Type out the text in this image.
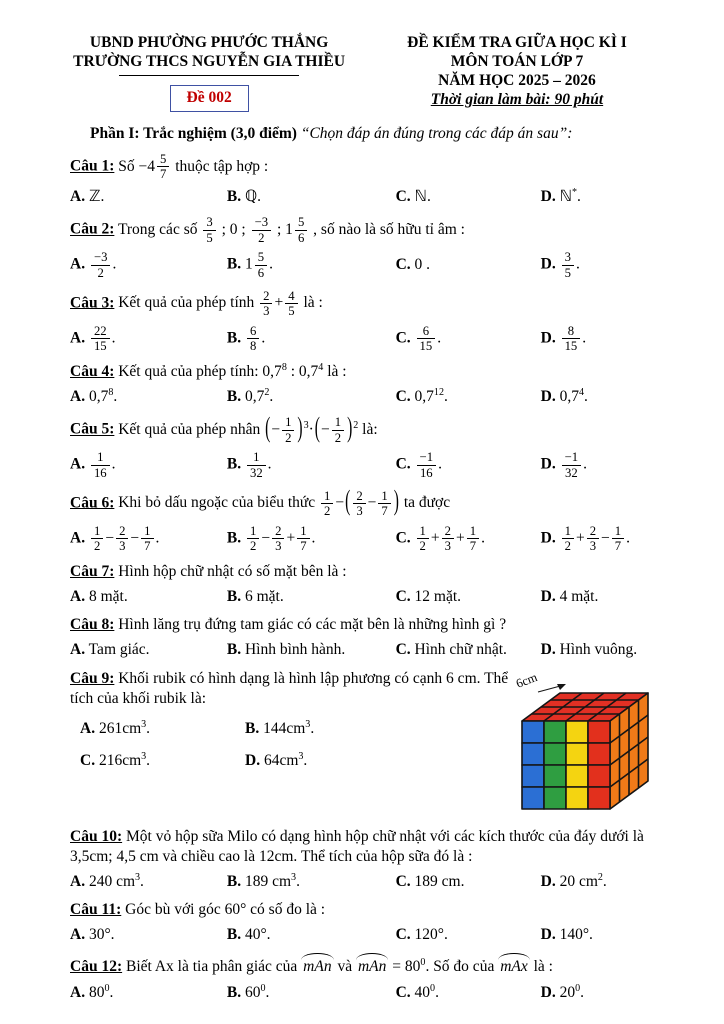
UBND PHƯỜNG PHƯỚC THẮNG
TRƯỜNG THCS NGUYỄN GIA THIỀU
Đề 002
ĐỀ KIỂM TRA GIỮA HỌC KÌ I
MÔN TOÁN LỚP 7
NĂM HỌC 2025 – 2026
Thời gian làm bài: 90 phút
Phần I: Trắc nghiệm (3,0 điểm) “Chọn đáp án đúng trong các đáp án sau”:
Câu 1: Số $-4 \frac{5}{7}$ thuộc tập hợp :
A. ℤ.	B. ℚ.	C. ℕ.	D. ℕ*.
Câu 2: Trong các số $\frac{3}{5}$ ; 0 ; $\frac{-3}{2}$ ; $1 \frac{5}{6}$ , số nào là số hữu tỉ âm :
A. $\frac{-3}{2}$ .	B. $1 \frac{5}{6}$ .	C. 0 .	D. $\frac{3}{5}$ .
Câu 3: Kết quả của phép tính $\frac{2}{3} + \frac{4}{5}$ là :
A. $\frac{22}{15}$ .	B. $\frac{6}{8}$ .	C. $\frac{6}{15}$ .	D. $\frac{8}{15}$ .
Câu 4: Kết quả của phép tính: $0,7^8$ : $0,7^4$ là :
A. $0,7^8$.	B. $0,7^2$.	C. $0,7^{12}$.	D. $0,7^4$.
Câu 5: Kết quả của phép nhân (− $\frac{1}{2} )^3\cdot(- \frac{1}{2} )^2$ là:
A. $\frac{1}{16}$ .	B. $\frac{1}{32}$ .	C. $\frac{-1}{16}$ .	D. $\frac{-1}{32}$ .
Câu 6: Khi bỏ dấu ngoặc của biểu thức $\frac{1}{2}$ −( $\frac{2}{3} - \frac{1}{7}$ ) ta được
A. $\frac{1}{2} - \frac{2}{3} - \frac{1}{7}$ .	B. $\frac{1}{2} - \frac{2}{3} + \frac{1}{7}$ .	C. $\frac{1}{2} + \frac{2}{3} + \frac{1}{7}$ .	D. $\frac{1}{2} + \frac{2}{3} - \frac{1}{7}$ .
Câu 7: Hình hộp chữ nhật có số mặt bên là :
A. 8 mặt.	B. 6 mặt.	C. 12 mặt.	D. 4 mặt.
Câu 8: Hình lăng trụ đứng tam giác có các mặt bên là những hình gì ?
A. Tam giác.	B. Hình bình hành.	C. Hình chữ nhật.	D. Hình vuông.
Câu 9: Khối rubik có hình dạng là hình lập phương có cạnh 6 cm. Thể tích của khối rubik là:
A. $261cm^3$.	B. $144cm^3$.
C. $216cm^3$.	D. $64cm^3$.
6cm
Câu 10: Một vỏ hộp sữa Milo có dạng hình hộp chữ nhật với các kích thước của đáy dưới là 3,5cm; 4,5 cm và chiều cao là 12cm. Thể tích của hộp sữa đó là :
A. 240 $cm^3$.	B. 189 $cm^3$.	C. 189 cm.	D. 20 $cm^2$.
Câu 11: Góc bù với góc 60° có số đo là :
A. 30°.	B. 40°.	C. 120°.	D. 140°.
Câu 12: Biết Ax là tia phân giác của mAn và mAn = $80^0$. Số đo của mAx là :
A. $80^0$.	B. $60^0$.	C. $40^0$.	D. $20^0$.
